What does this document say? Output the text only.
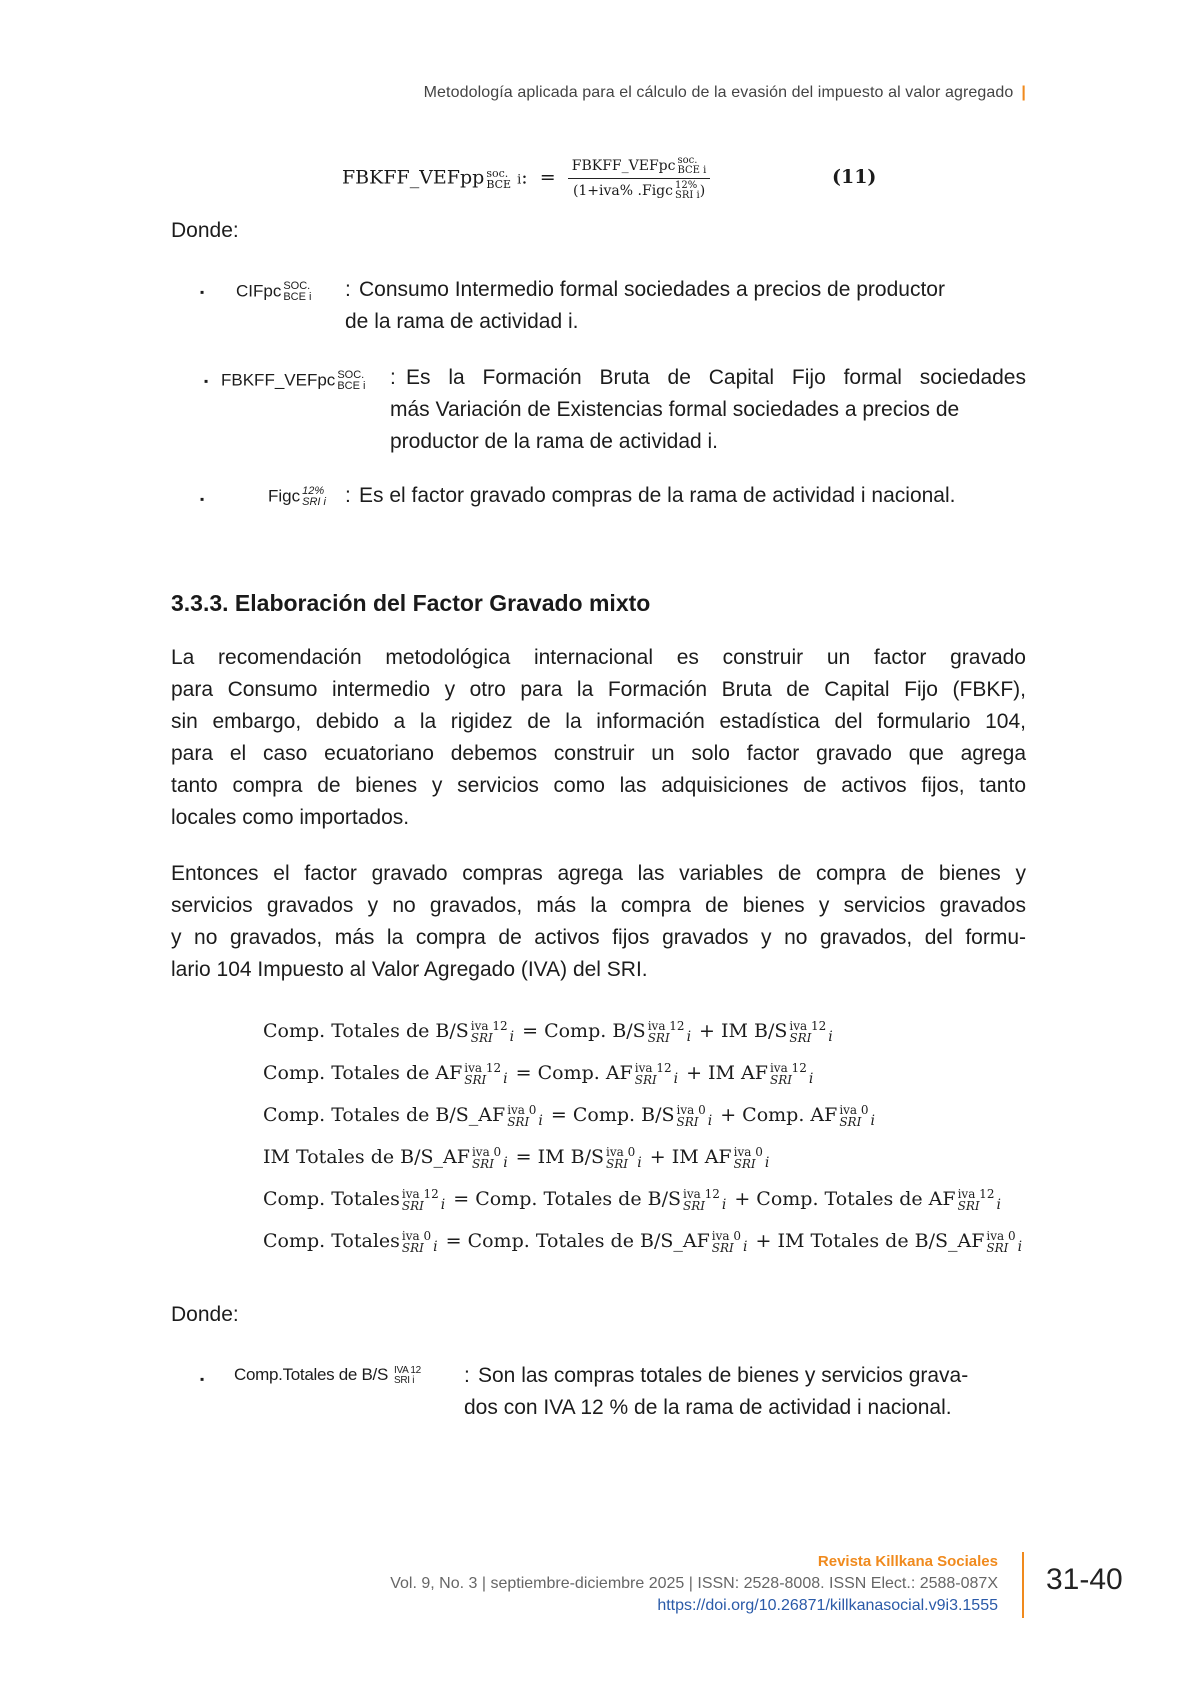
Metodología aplicada para el cálculo de la evasión del impuesto al valor agregado |
FBKFF_VEFpp soc.
BCE i: =
FBKFF_VEFpc soc.
BCE i
(1+iva% .Figc 12%
SRI i)
(11)
Donde:
▪ CIFpc SOC.
BCE i : Consumo Intermedio formal sociedades a precios de productor
de la rama de actividad i.
▪ FBKFF_VEFpc SOC.
BCE i : Es la Formación Bruta de Capital Fijo formal sociedades
más Variación de Existencias formal sociedades a precios de
productor de la rama de actividad i.
▪	Figc 12%
SRI i : Es el factor gravado compras de la rama de actividad i nacional.
3.3.3. Elaboración del Factor Gravado mixto
La recomendación metodológica internacional es construir un factor gravado
para Consumo intermedio y otro para la Formación Bruta de Capital Fijo (FBKF),
sin embargo, debido a la rigidez de la información estadística del formulario 104,
para el caso ecuatoriano debemos construir un solo factor gravado que agrega
tanto compra de bienes y servicios como las adquisiciones de activos fijos, tanto
locales como importados.
Entonces el factor gravado compras agrega las variables de compra de bienes y
servicios gravados y no gravados, más la compra de bienes y servicios gravados
y no gravados, más la compra de activos fijos gravados y no gravados, del formu-
lario 104 Impuesto al Valor Agregado (IVA) del SRI.
Comp. Totales de B/S iva 12
SRI $_i$ = Comp. B/S iva 12
SRI $_i$ + IM B/S iva 12
SRI $_i$
Comp. Totales de AF iva 12
SRI $_i$ = Comp. AF iva 12
SRI $_i$ + IM AF iva 12
SRI $_i$
Comp. Totales de B/S_AF iva 0
SRI $_i$ = Comp. B/S iva 0
SRI $_i$ + Comp. AF iva 0
SRI $_i$
IM Totales de B/S_AF iva 0
SRI $_i$ = IM B/S iva 0
SRI $_i$ + IM AF iva 0
SRI $_i$
Comp. Totales iva 12
SRI $_i$ = Comp. Totales de B/S iva 12
SRI $_i$ + Comp. Totales de AF iva 12
SRI $_i$
Comp. Totales iva 0
SRI $_i$ = Comp. Totales de B/S_AF iva 0
SRI $_i$ + IM Totales de B/S_AF iva 0
SRI $_i$
Donde:
▪ Comp.Totales de B/S IVA 12
SRI i	: Son las compras totales de bienes y servicios grava-
dos con IVA 12 % de la rama de actividad i nacional.
Revista Killkana Sociales
Vol. 9, No. 3 | septiembre-diciembre 2025 | ISSN: 2528-8008. ISSN Elect.: 2588-087X
https://doi.org/10.26871/killkanasocial.v9i3.1555
31-40
